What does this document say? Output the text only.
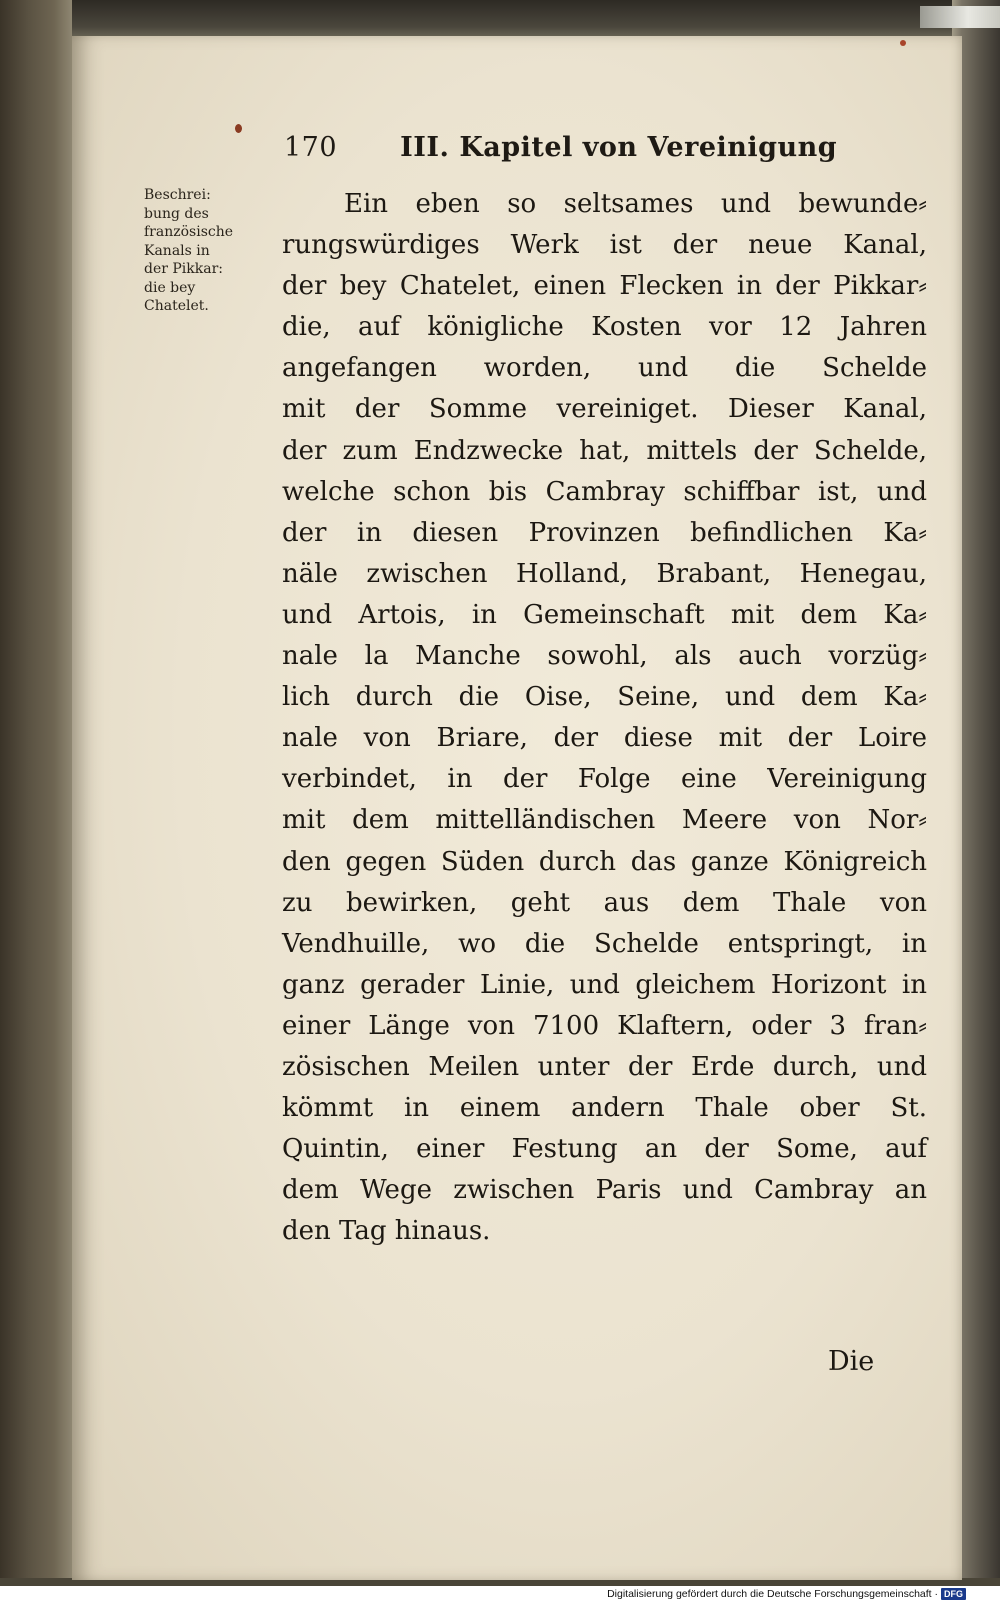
170 III. Kapitel von Vereinigung
Beschrei:
bung des
französische
Kanals in
der Pikkar:
die bey
Chatelet.
Ein eben so seltsames und bewunde⸗
rungswürdiges Werk ist der neue Kanal,
der bey Chatelet, einen Flecken in der Pikkar⸗
die, auf königliche Kosten vor 12 Jahren
angefangen worden, und die Schelde
mit der Somme vereiniget. Dieser Kanal,
der zum Endzwecke hat, mittels der Schelde,
welche schon bis Cambray schiffbar ist, und
der in diesen Provinzen befindlichen Ka⸗
näle zwischen Holland, Brabant, Henegau,
und Artois, in Gemeinschaft mit dem Ka⸗
nale la Manche sowohl, als auch vorzüg⸗
lich durch die Oise, Seine, und dem Ka⸗
nale von Briare, der diese mit der Loire
verbindet, in der Folge eine Vereinigung
mit dem mittelländischen Meere von Nor⸗
den gegen Süden durch das ganze Königreich
zu bewirken, geht aus dem Thale von
Vendhuille, wo die Schelde entspringt, in
ganz gerader Linie, und gleichem Horizont in
einer Länge von 7100 Klaftern, oder 3 fran⸗
zösischen Meilen unter der Erde durch, und
kömmt in einem andern Thale ober St.
Quintin, einer Festung an der Some, auf
dem Wege zwischen Paris und Cambray an
den Tag hinaus.
Die
Digitalisierung gefördert durch die Deutsche Forschungsgemeinschaft · DFG
